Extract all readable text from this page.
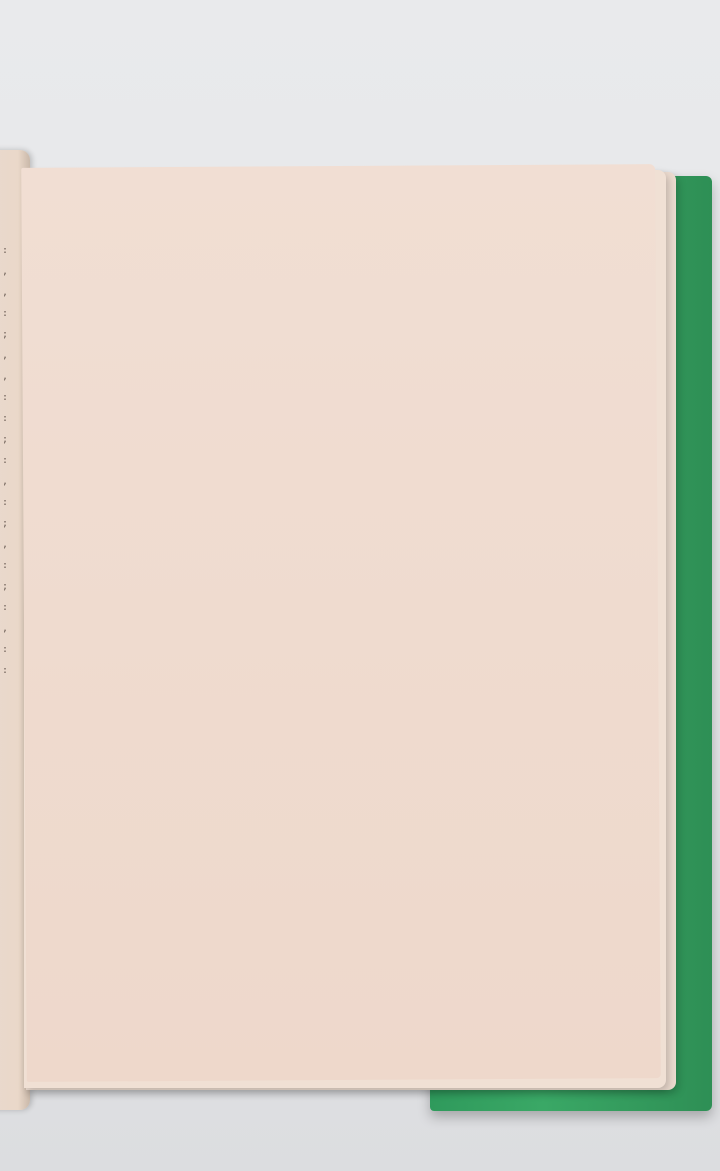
:
,
,
:
;
,
,
:
:
;
:
,
:
;
,
:
;
:
,
:
:
